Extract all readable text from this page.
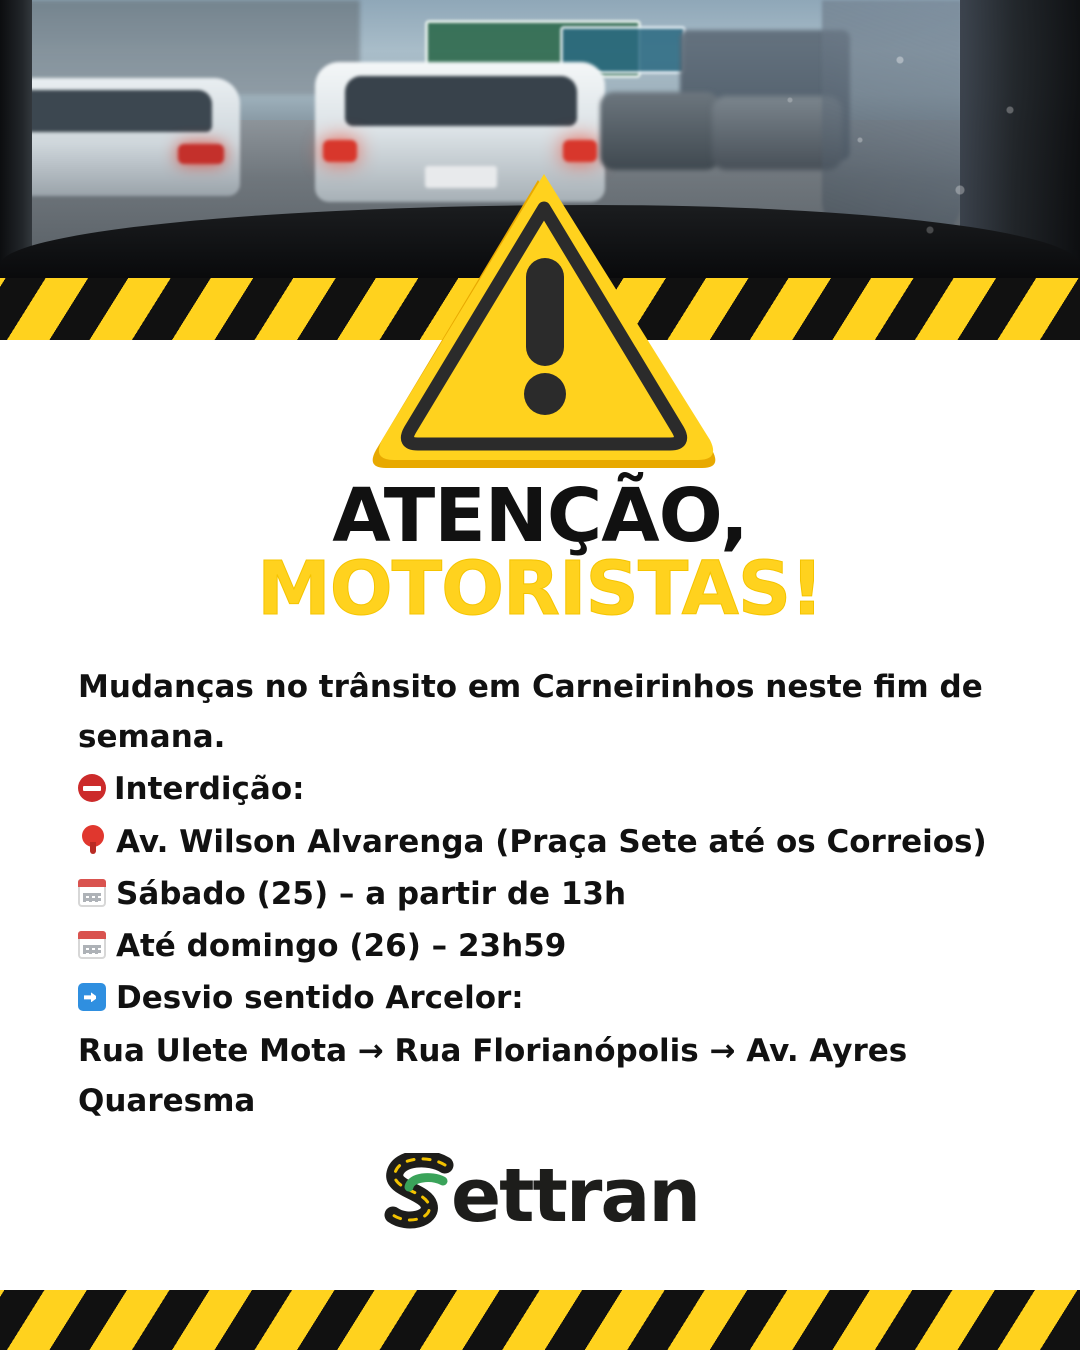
ATENÇÃO,
MOTORISTAS!

Mudanças no trânsito em Carneirinhos neste fim de semana.

Interdição:

Av. Wilson Alvarenga (Praça Sete até os Correios)

Sábado (25) – a partir de 13h

Até domingo (26) – 23h59

Desvio sentido Arcelor:

Rua Ulete Mota → Rua Florianópolis → Av. Ayres Quaresma

ettran
